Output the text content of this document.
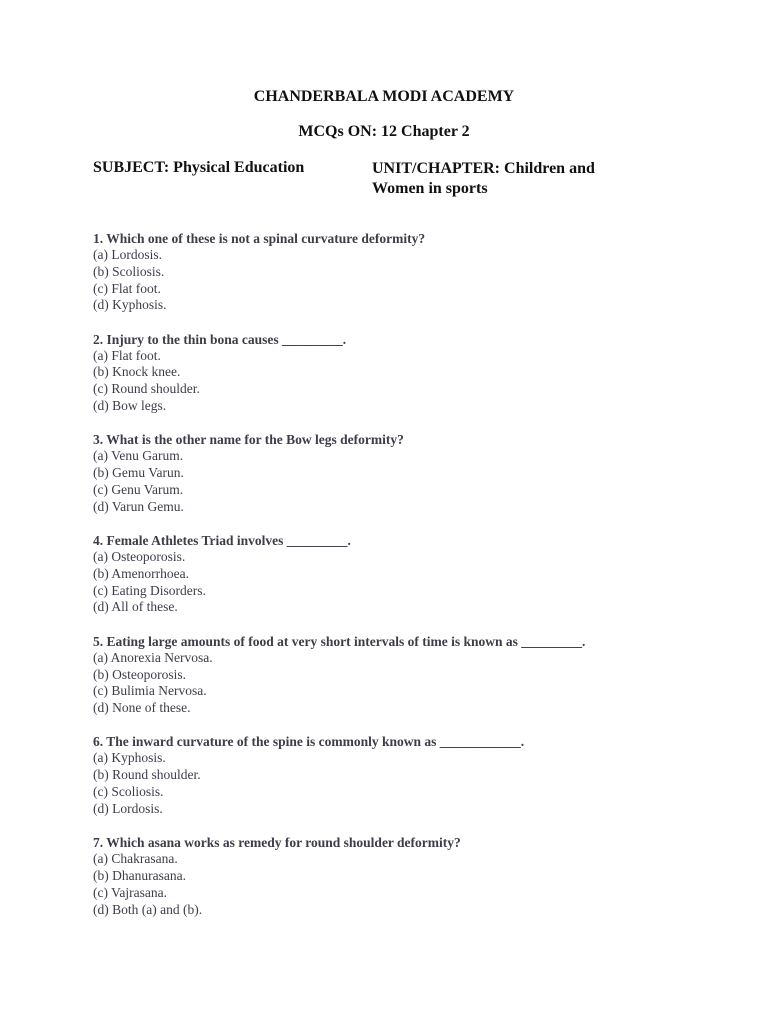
CHANDERBALA MODI ACADEMY
MCQs ON: 12 Chapter 2
SUBJECT: Physical Education	UNIT/CHAPTER: Children and Women in sports
1. Which one of these is not a spinal curvature deformity?
(a) Lordosis.
(b) Scoliosis.
(c) Flat foot.
(d) Kyphosis.
2. Injury to the thin bona causes _________.
(a) Flat foot.
(b) Knock knee.
(c) Round shoulder.
(d) Bow legs.
3. What is the other name for the Bow legs deformity?
(a) Venu Garum.
(b) Gemu Varun.
(c) Genu Varum.
(d) Varun Gemu.
4. Female Athletes Triad involves _________.
(a) Osteoporosis.
(b) Amenorrhoea.
(c) Eating Disorders.
(d) All of these.
5. Eating large amounts of food at very short intervals of time is known as _________.
(a) Anorexia Nervosa.
(b) Osteoporosis.
(c) Bulimia Nervosa.
(d) None of these.
6. The inward curvature of the spine is commonly known as ____________.
(a) Kyphosis.
(b) Round shoulder.
(c) Scoliosis.
(d) Lordosis.
7. Which asana works as remedy for round shoulder deformity?
(a) Chakrasana.
(b) Dhanurasana.
(c) Vajrasana.
(d) Both (a) and (b).
